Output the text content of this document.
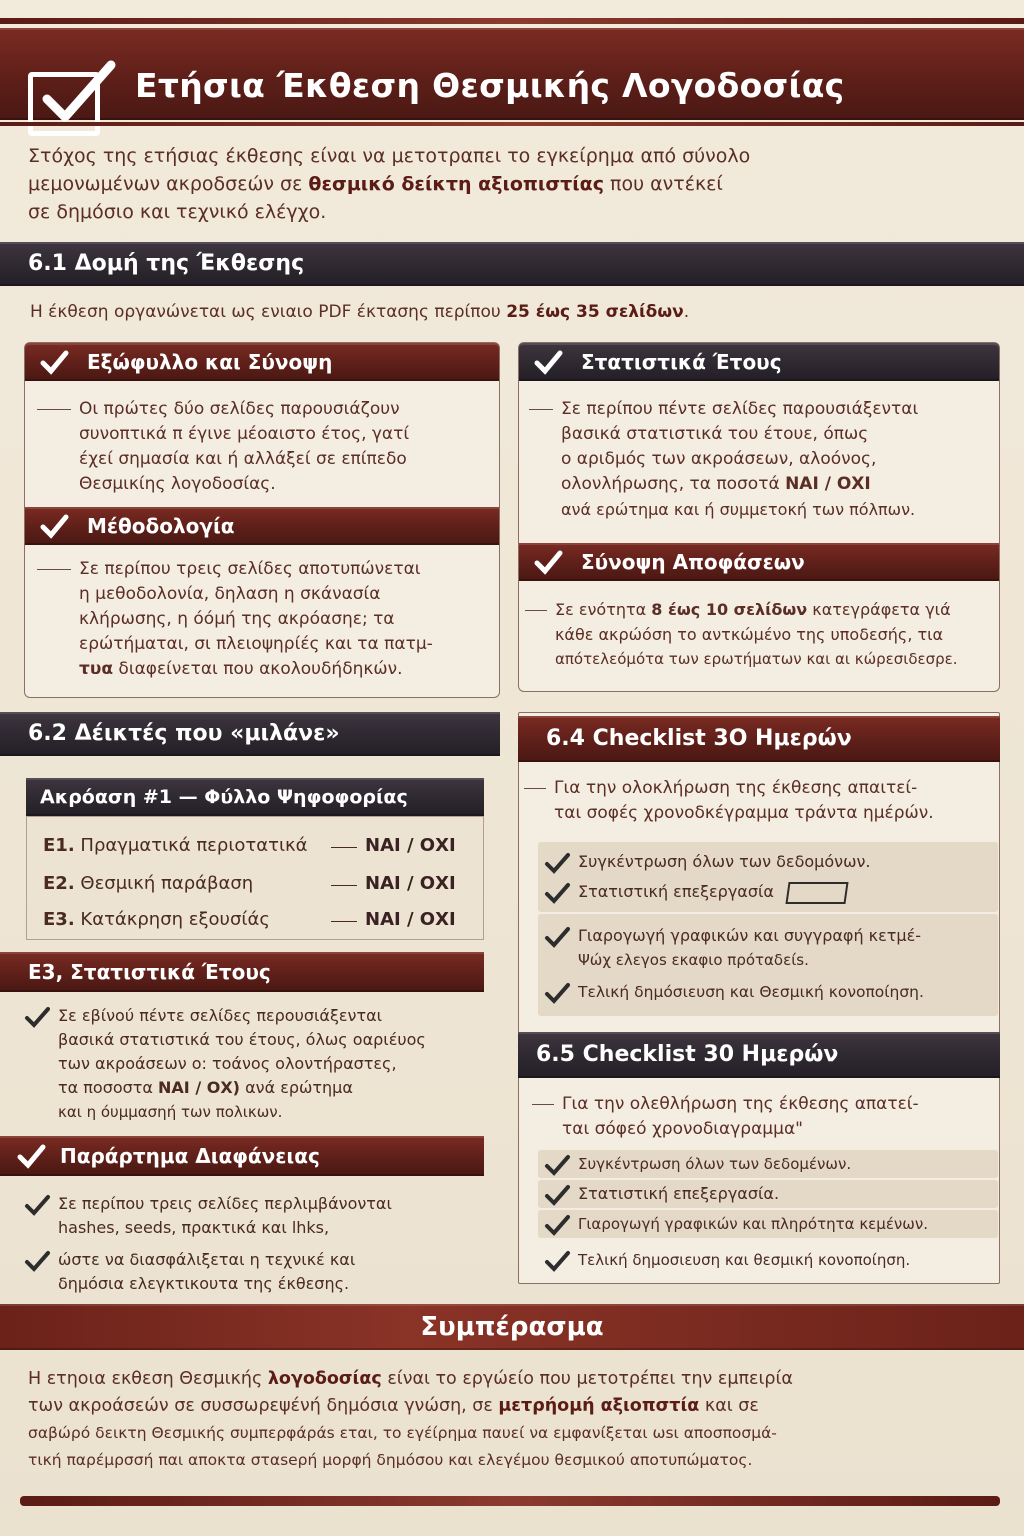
Ετήσια Έκθεση Θεσμικής Λογοδοσίας

Στόχος της ετήσιας έκθεσης είναι να μετοτραπει το εγκείρημα από σύνολο

μεμονωμένων ακροδσεών σε θεσμικό δείκτη αξιοπιστίας που αντέκεί

σε δημόσιο και τεχνικό ελέγχο.

6.1 Δομή της Έκθεσης
Η έκθεση οργανώνεται ως ενιαιο PDF έκτασης περίπου 25 έως 35 σελίδων.
Εξώφυλλο και Σύνοψη

Οι πρώτες δύο σελίδες παρουσιάζουν

συνοπτικά π έγινε μέοαιστο έτος, γατί

έχεί σημασία και ή αλλάξεί σε επίπεδο

Θεσμικίης λογοδοσίας.

Μέθοδολογία

Σε περίπου τρεις σελίδες αποτυπώνεται

η μεθοδολονία, δηλαση η σκάνασία

κλήρωσης, η όόμή της ακρόασηε; τα

ερώτήμαται, σι πλειοψηρίές και τα πατμ-

τυα διαφείνεται που ακολουδήδηκών.

Στατιστικά Έτους

Σε περίπου πέντε σελίδες παρουσιάξενται

βασικά στατιστικά του έτουε, όπως

ο αριδμός των ακροάσεων, αλοόνος,

ολονλήρωσης, τα ποσοτά ΝΑΙ / ΟΧΙ

ανά ερώτημα και ή συμμετοκή των πόλπων.

Σύνοψη Αποφάσεων

Σε ενότητα 8 έως 10 σελίδων κατεγράφετα γιά

κάθε ακρώόση το αντκώμένο της υποδεσής, τια

απότελεόμότα των ερωτήματων και αι κώρεσιδεσρε.

6.2 Δέικτές που «μιλάνε»
Ακρόαση #1 — Φύλλο Ψηφοφορίας
Ε1. Πραγματικά περιοτατικά	ΝΑΙ / ΟΧΙ
Ε2. Θεσμική παράβαση	ΝΑΙ / ΟΧΙ
Ε3. Κατάκρηση εξουσίάς	ΝΑΙ / ΟΧΙ
Ε3, Στατιστικά Έτους

Σε εβίνού πέντε σελίδες περουσιάξενται

βασικά στατιστικά του έτους, όλως οαριέυος

των ακροάσεων ο: τοάνος ολοντήραστες,

τα ποσοστα ΝΑΙ / ΟΧ) ανά ερώτημα

και η όυμμασηή των πολικων.

Παράρτημα Διαφάνειας

Σε περίπου τρεις σελίδες περλιμβάνονται

hashes, seeds, πρακτικά και lhks,

ώστε να διασφάλιξεται η τεχνικέ και

δημόσια ελεγκτικουτα της έκθεσης.

6.4 Checklist 3O Ημερών

Για την ολοκλήρωση της έκθεσης απαιτεί-

ται σοφές χρονοδκέγραμμα τράντα ημέρών.

Συγκέντρωση όλων των δεδομόνων.
Στατιστική επεξεργασία

Γιαρογωγή γραφικών και συγγραφή κετμέ-

Ψώχ ελεγοs εκαφιο πρόταδείs.

Τελική δημόσιευση και Θεσμική κονοποίηση.
6.5 Checklist 30 Ημερών

Για την ολεθλήρωση της έκθεσης απατεί-

ται σόφεό χρονοδιαγραμμα"

Συγκέντρωση όλων των δεδομένων.
Στατιστική επεξεργασία.
Γιαρογωγή γραφικών και πληρότητα κεμένων.
Τελική δημοσιευση και θεσμική κονοποίηση.
Συμπέρασμα

Η ετηοια εκθεση Θεσμικής λογοδοσίας είναι το εργώείο που μετοτρέπει την εμπειρία

των ακροάσεών σε συσσωρεψένή δημόσια γνώση, σε μετρήομή αξιοπστία και σε

σαβώρό δεικτη Θεσμικής συμπερφάράs εται, το εγέίρημα παυεί να εμφανίξεται ωsι αποσποσμά-

τική παρέμρσσή παι αποκτα σταseρή μορφή δημόσου και ελεγέμου θεσμικού αποτυπώματος.
